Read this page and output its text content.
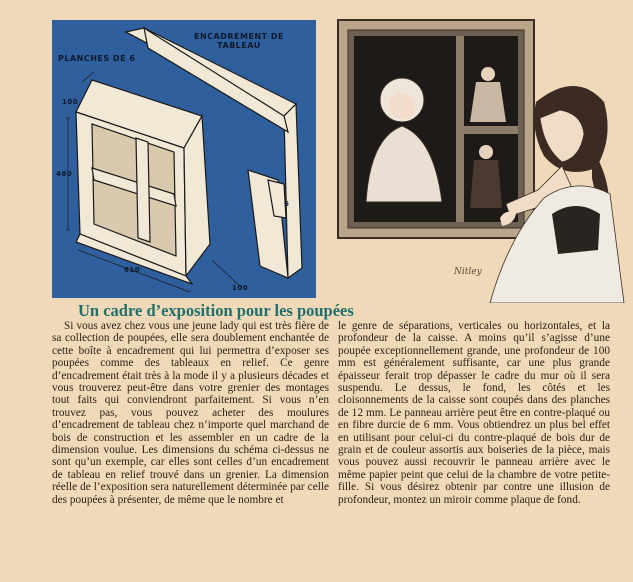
ENCADREMENT DE TABLEAU
PLANCHES DE 6
100
480
610
100
6
Nitley
Un cadre d’exposition pour les poupées
Si vous avez chez vous une jeune lady qui est très fière de sa collection de poupées, elle sera doublement enchantée de cette boîte à encadrement qui lui permettra d’exposer ses poupées comme des tableaux en relief. Ce genre d’encadrement était très à la mode il y a plusieurs décades et vous trouverez peut-être dans votre grenier des montages tout faits qui conviendront parfaitement. Si vous n’en trouvez pas, vous pouvez acheter des moulures d’encadrement de tableau chez n’importe quel marchand de bois de construction et les assembler en un cadre de la dimension voulue. Les dimensions du schéma ci-dessus ne sont qu’un exemple, car elles sont celles d’un encadrement de tableau en relief trouvé dans un grenier. La dimension réelle de l’exposition sera naturellement déterminée par celle des poupées à présenter, de même que le nombre et
le genre de séparations, verticales ou horizontales, et la profondeur de la caisse. A moins qu’il s’agisse d’une poupée exceptionnellement grande, une profondeur de 100 mm est généralement suffisante, car une plus grande épaisseur ferait trop dépasser le cadre du mur où il sera suspendu. Le dessus, le fond, les côtés et les cloisonnements de la caisse sont coupés dans des planches de 12 mm. Le panneau arrière peut être en contre-plaqué ou en fibre durcie de 6 mm. Vous obtiendrez un plus bel effet en utilisant pour celui-ci du contre-plaqué de bois dur de grain et de couleur assortis aux boiseries de la pièce, mais vous pouvez aussi recouvrir le panneau arrière avec le même papier peint que celui de la chambre de votre petite-fille. Si vous désirez obtenir par contre une illusion de profondeur, montez un miroir comme plaque de fond.
